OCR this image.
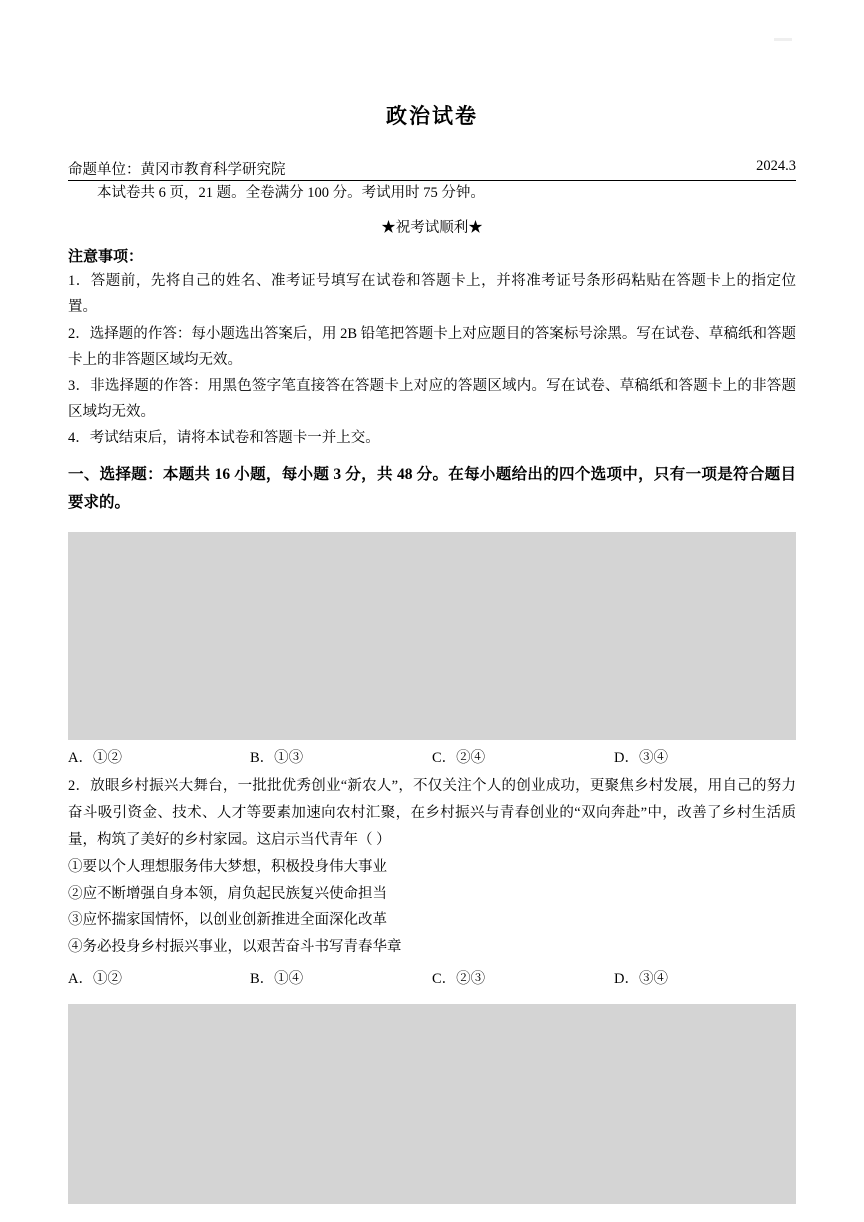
政治试卷
命题单位：黄冈市教育科学研究院	2024.3

本试卷共 6 页，21 题。全卷满分 100 分。考试用时 75 分钟。

★祝考试顺利★

注意事项：

1．答题前，先将自己的姓名、准考证号填写在试卷和答题卡上，并将准考证号条形码粘贴在答题卡上的指定位置。

2．选择题的作答：每小题选出答案后，用 2B 铅笔把答题卡上对应题目的答案标号涂黑。写在试卷、草稿纸和答题卡上的非答题区域均无效。

3．非选择题的作答：用黑色签字笔直接答在答题卡上对应的答题区域内。写在试卷、草稿纸和答题卡上的非答题区域均无效。

4．考试结束后，请将本试卷和答题卡一并上交。

一、选择题：本题共 16 小题，每小题 3 分，共 48 分。在每小题给出的四个选项中，只有一项是符合题目要求的。

A．①②	B．①③	C．②④	D．③④

2．放眼乡村振兴大舞台，一批批优秀创业“新农人”，不仅关注个人的创业成功，更聚焦乡村发展，用自己的努力奋斗吸引资金、技术、人才等要素加速向农村汇聚，在乡村振兴与青春创业的“双向奔赴”中，改善了乡村生活质量，构筑了美好的乡村家园。这启示当代青年（ ）

①要以个人理想服务伟大梦想，积极投身伟大事业

②应不断增强自身本领，肩负起民族复兴使命担当

③应怀揣家国情怀，以创业创新推进全面深化改革

④务必投身乡村振兴事业，以艰苦奋斗书写青春华章

A．①②	B．①④	C．②③	D．③④
